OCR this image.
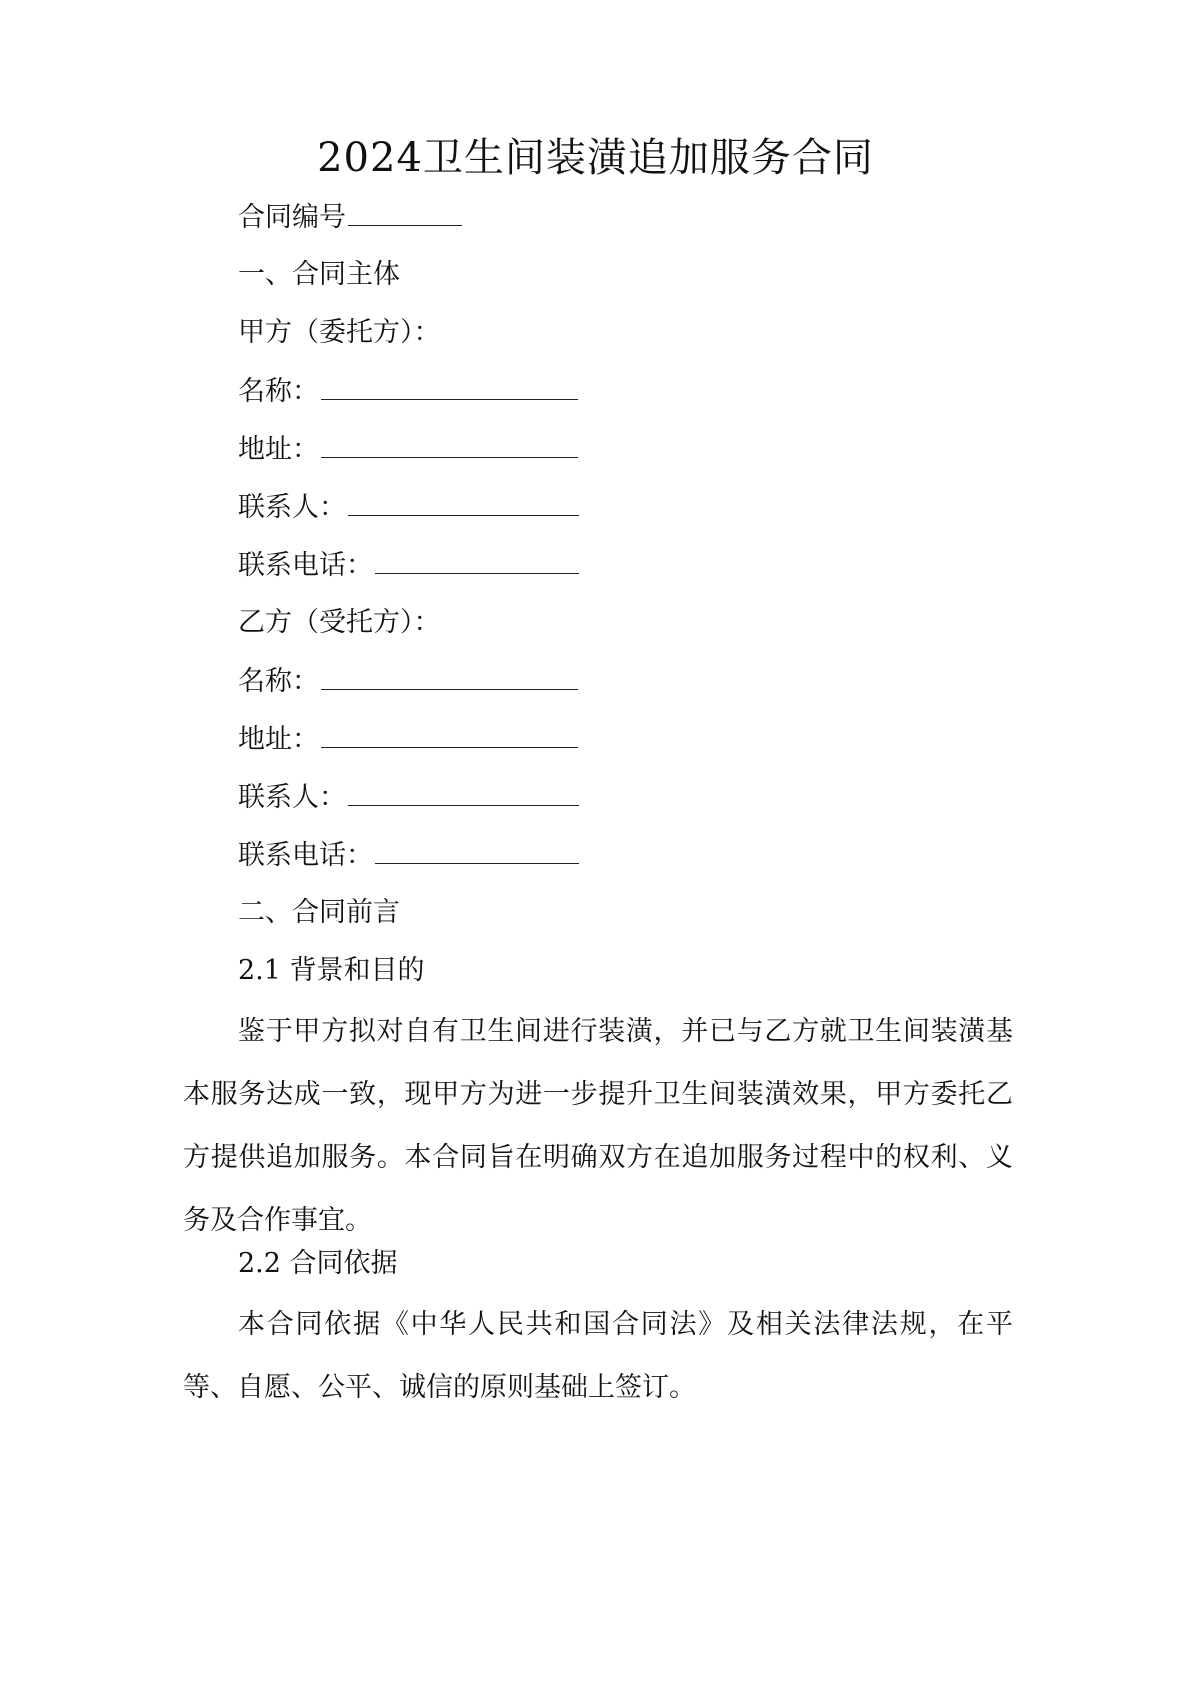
2024卫生间装潢追加服务合同
合同编号
一、合同主体
甲方（委托方）：
名称：
地址：
联系人：
联系电话：
乙方（受托方）：
名称：
地址：
联系人：
联系电话：
二、合同前言
2.1 背景和目的
鉴于甲方拟对自有卫生间进行装潢，并已与乙方就卫生间装潢基本服务达成一致，现甲方为进一步提升卫生间装潢效果，甲方委托乙方提供追加服务。本合同旨在明确双方在追加服务过程中的权利、义务及合作事宜。
2.2 合同依据
本合同依据《中华人民共和国合同法》及相关法律法规，在平等、自愿、公平、诚信的原则基础上签订。
